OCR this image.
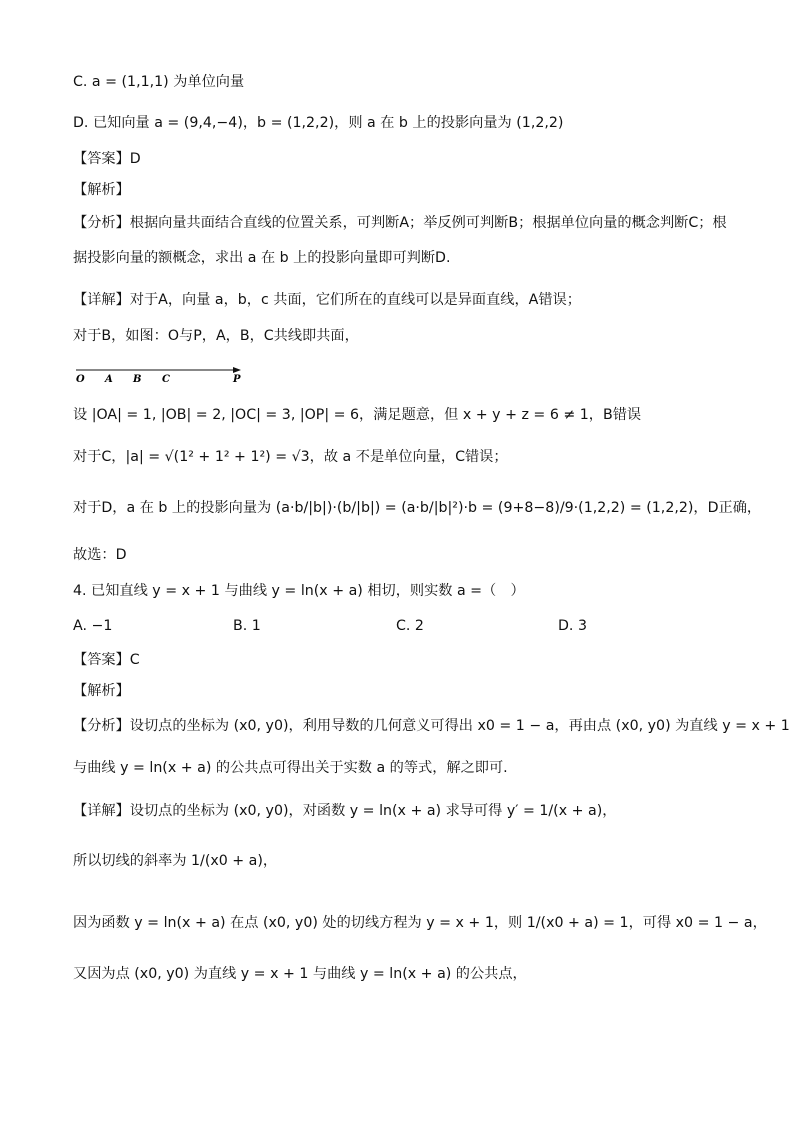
C. a = (1,1,1) 为单位向量
D. 已知向量 a = (9,4,−4)，b = (1,2,2)，则 a 在 b 上的投影向量为 (1,2,2)
【答案】D
【解析】
【分析】根据向量共面结合直线的位置关系，可判断A；举反例可判断B；根据单位向量的概念判断C；根
据投影向量的额概念，求出 a 在 b 上的投影向量即可判断D.
【详解】对于A，向量 a，b，c 共面，它们所在的直线可以是异面直线，A错误；
对于B，如图：O与P，A，B，C共线即共面，
O A B C	P
设 |OA| = 1, |OB| = 2, |OC| = 3, |OP| = 6，满足题意，但 x + y + z = 6 ≠ 1，B错误
对于C，|a| = √(1² + 1² + 1²) = √3，故 a 不是单位向量，C错误；
对于D，a 在 b 上的投影向量为 (a·b/|b|)·(b/|b|) = (a·b/|b|²)·b = (9+8−8)/9·(1,2,2) = (1,2,2)，D正确，
故选：D
4. 已知直线 y = x + 1 与曲线 y = ln(x + a) 相切，则实数 a =（　）
A. −1	B. 1	C. 2	D. 3
【答案】C
【解析】
【分析】设切点的坐标为 (x0, y0)，利用导数的几何意义可得出 x0 = 1 − a，再由点 (x0, y0) 为直线 y = x + 1
与曲线 y = ln(x + a) 的公共点可得出关于实数 a 的等式，解之即可.
【详解】设切点的坐标为 (x0, y0)，对函数 y = ln(x + a) 求导可得 y′ = 1/(x + a)，
所以切线的斜率为 1/(x0 + a)，
因为函数 y = ln(x + a) 在点 (x0, y0) 处的切线方程为 y = x + 1，则 1/(x0 + a) = 1，可得 x0 = 1 − a，
又因为点 (x0, y0) 为直线 y = x + 1 与曲线 y = ln(x + a) 的公共点，
